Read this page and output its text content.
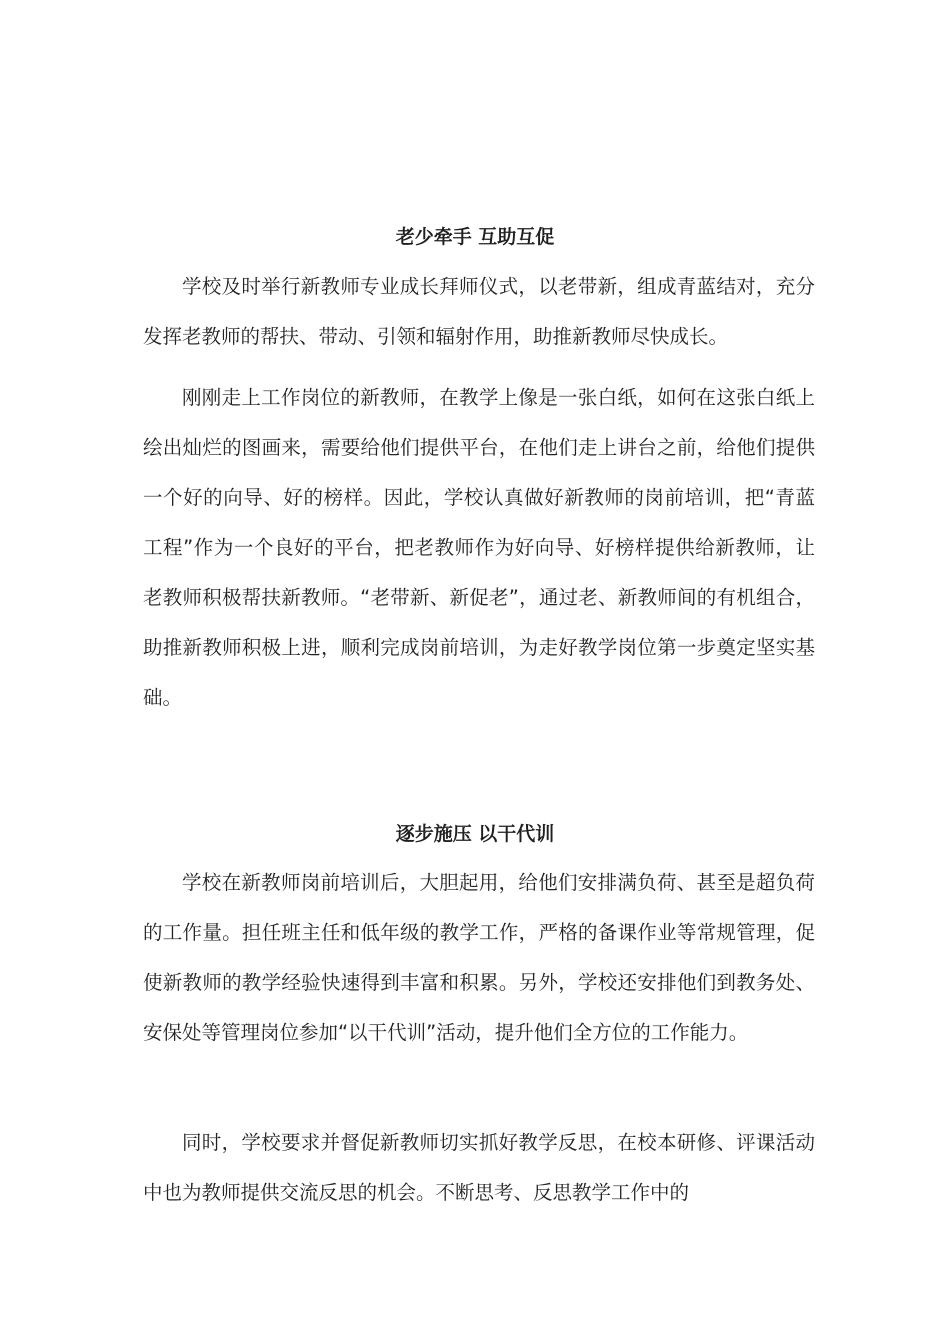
老少牵手 互助互促

学校及时举行新教师专业成长拜师仪式，以老带新，组成青蓝结对，充分发挥老教师的帮扶、带动、引领和辐射作用，助推新教师尽快成长。

刚刚走上工作岗位的新教师，在教学上像是一张白纸，如何在这张白纸上绘出灿烂的图画来，需要给他们提供平台，在他们走上讲台之前，给他们提供一个好的向导、好的榜样。因此，学校认真做好新教师的岗前培训，把“青蓝工程”作为一个良好的平台，把老教师作为好向导、好榜样提供给新教师，让老教师积极帮扶新教师。“老带新、新促老”，通过老、新教师间的有机组合，助推新教师积极上进，顺利完成岗前培训，为走好教学岗位第一步奠定坚实基础。

逐步施压 以干代训

学校在新教师岗前培训后，大胆起用，给他们安排满负荷、甚至是超负荷的工作量。担任班主任和低年级的教学工作，严格的备课作业等常规管理，促使新教师的教学经验快速得到丰富和积累。另外，学校还安排他们到教务处、安保处等管理岗位参加“以干代训”活动，提升他们全方位的工作能力。

同时，学校要求并督促新教师切实抓好教学反思，在校本研修、评课活动中也为教师提供交流反思的机会。不断思考、反思教学工作中的
